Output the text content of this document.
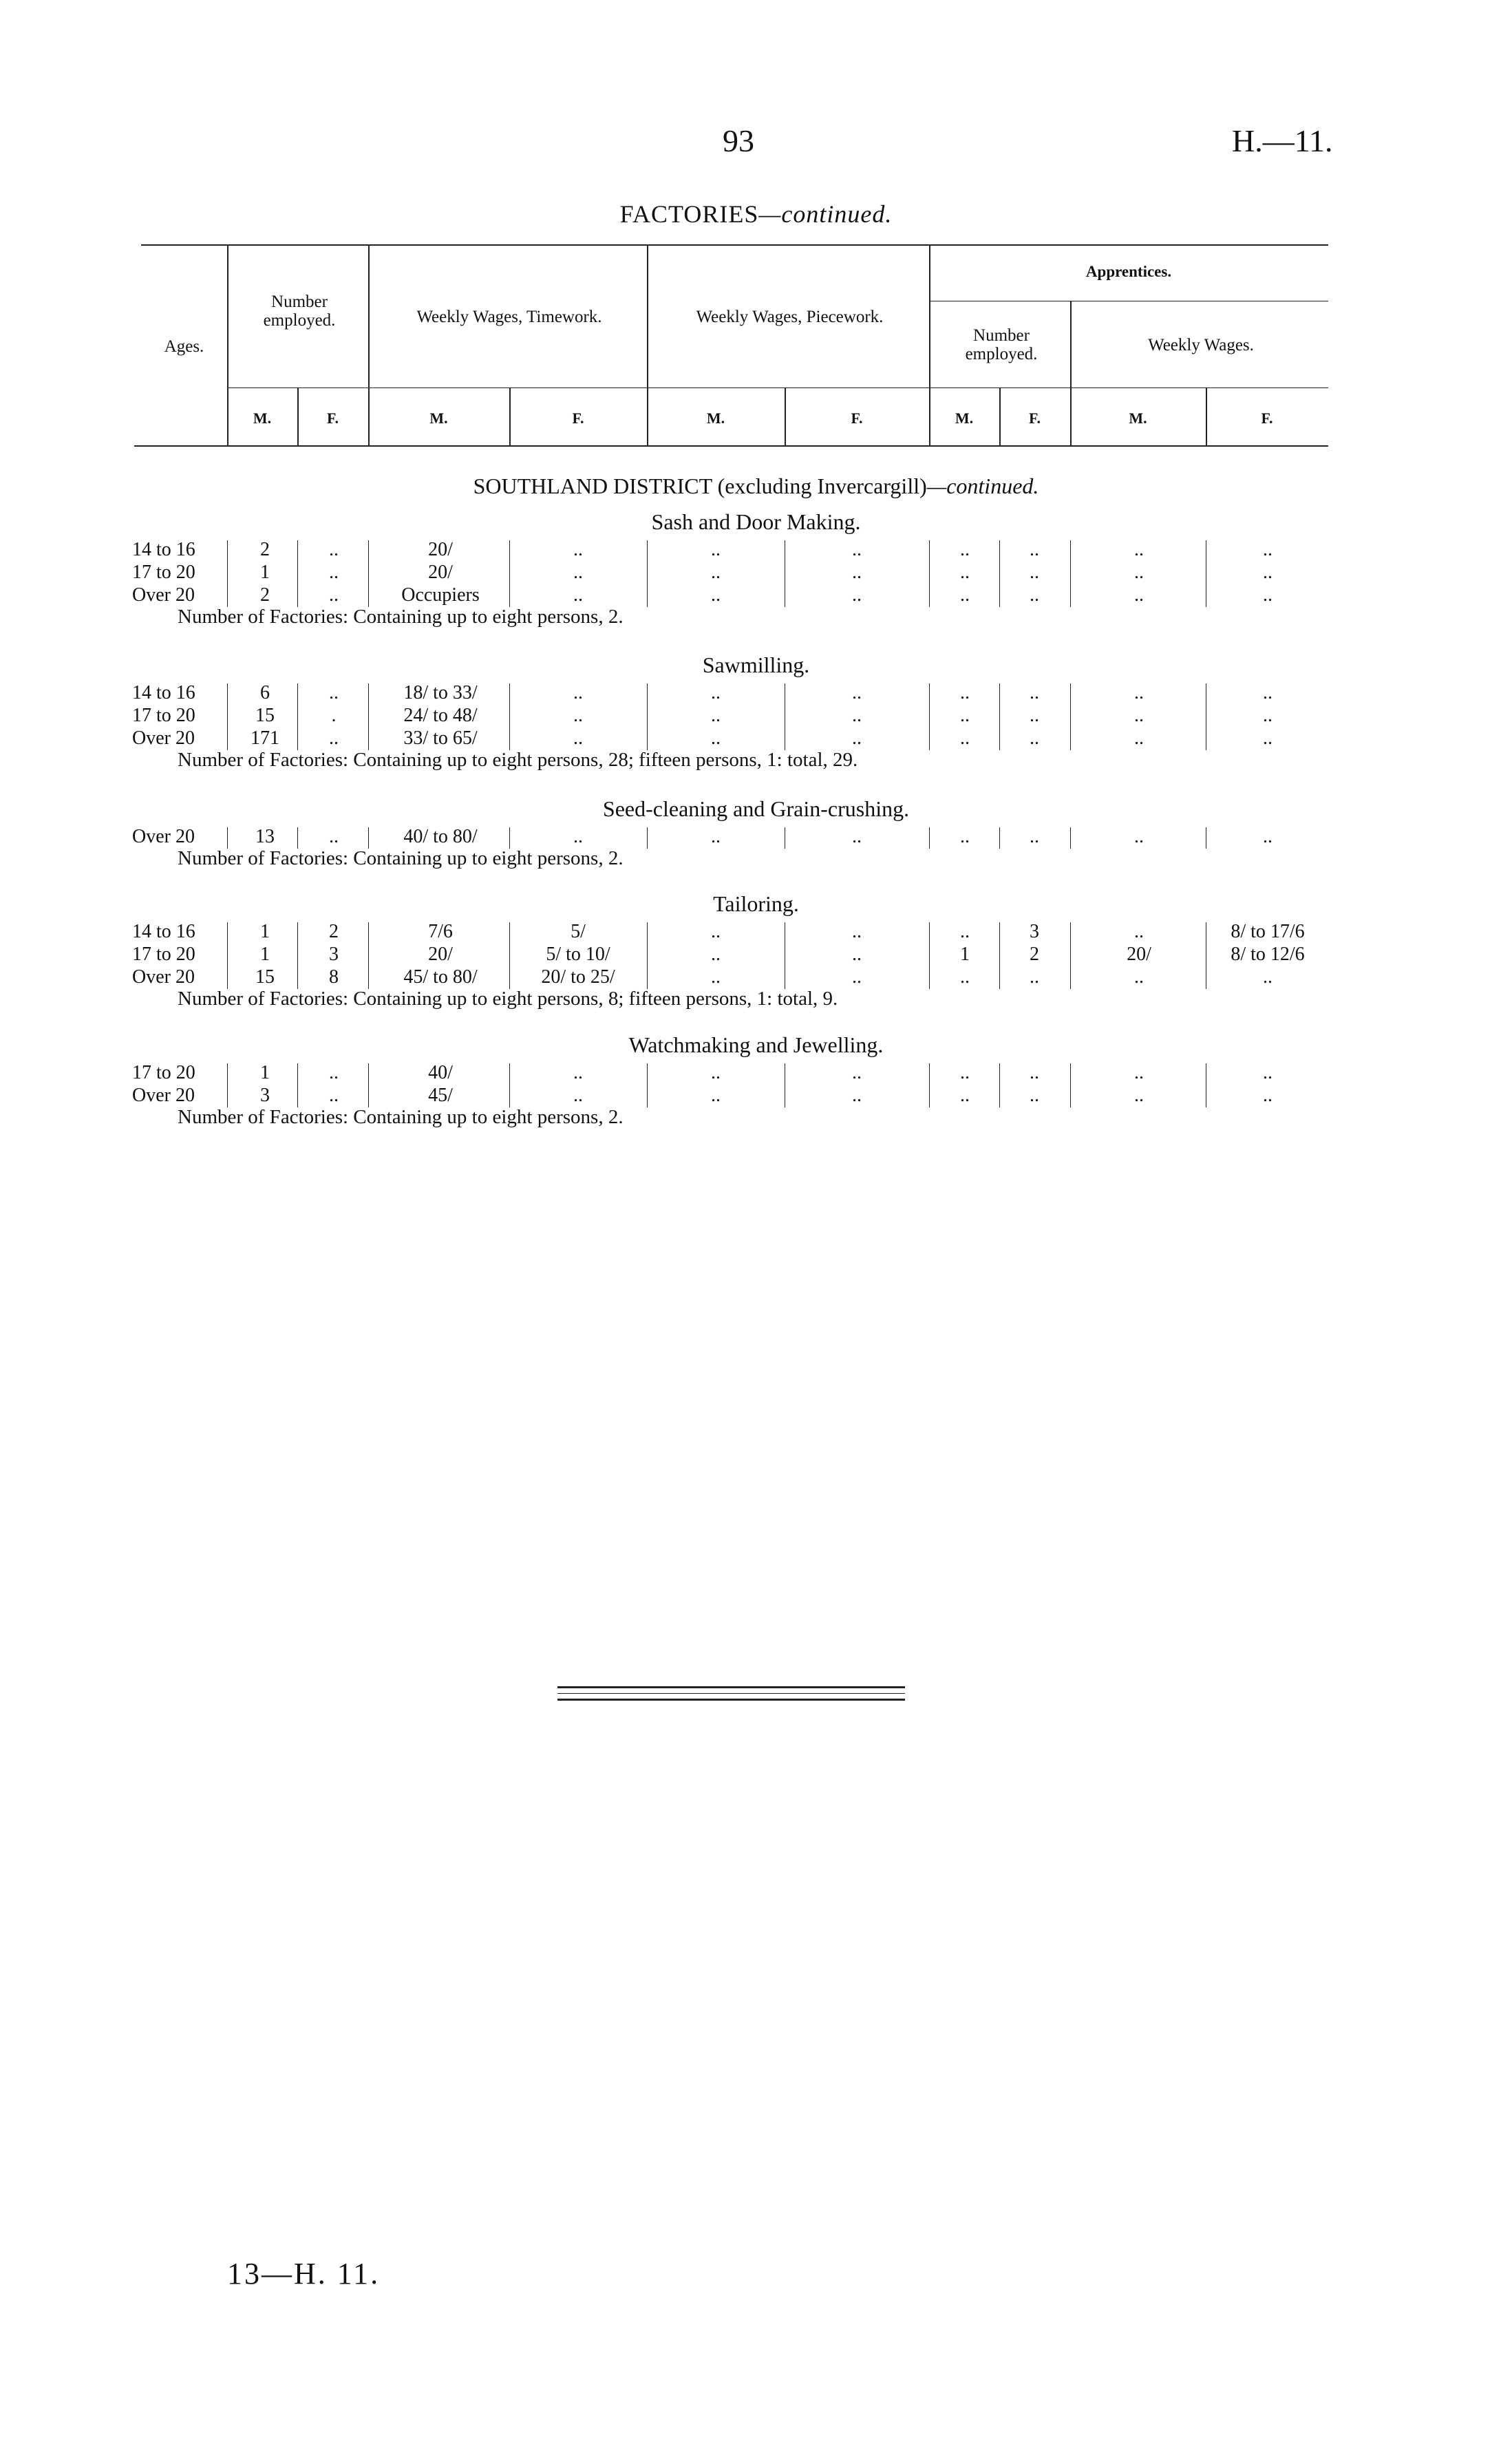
93	H.—11.
FACTORIES—continued.
Ages.
Number employed.	Weekly Wages, Timework.	Weekly Wages, Piecework.
Apprentices.
Number employed.	Weekly Wages.
M.	F.	M.	F.	M.	F.	M.	F.	M.	F.
SOUTHLAND DISTRICT (excluding Invercargill)—continued.
Sash and Door Making.
14 to 16	2	..	20/	..	..	..	..	..	..	..
17 to 20	1	..	20/	..	..	..	..	..	..	..
Over 20	2	..	Occupiers	..	..	..	..	..	..	..
Number of Factories: Containing up to eight persons, 2.
Sawmilling.
14 to 16	6	..	18/ to 33/	..	..	..	..	..	..	..
17 to 20	15	.	24/ to 48/	..	..	..	..	..	..	..
Over 20	171	..	33/ to 65/	..	..	..	..	..	..	..
Number of Factories: Containing up to eight persons, 28; fifteen persons, 1: total, 29.
Seed-cleaning and Grain-crushing.
Over 20	13	..	40/ to 80/	..	..	..	..	..	..	..
Number of Factories: Containing up to eight persons, 2.
Tailoring.
14 to 16	1	2	7/6	5/	..	..	..	3	..	8/ to 17/6
17 to 20	1	3	20/	5/ to 10/	..	..	1	2	20/	8/ to 12/6
Over 20	15	8	45/ to 80/	20/ to 25/	..	..	..	..	..	..
Number of Factories: Containing up to eight persons, 8; fifteen persons, 1: total, 9.
Watchmaking and Jewelling.
17 to 20	1	..	40/	..	..	..	..	..	..	..
Over 20	3	..	45/	..	..	..	..	..	..	..
Number of Factories: Containing up to eight persons, 2.
13—H. 11.
